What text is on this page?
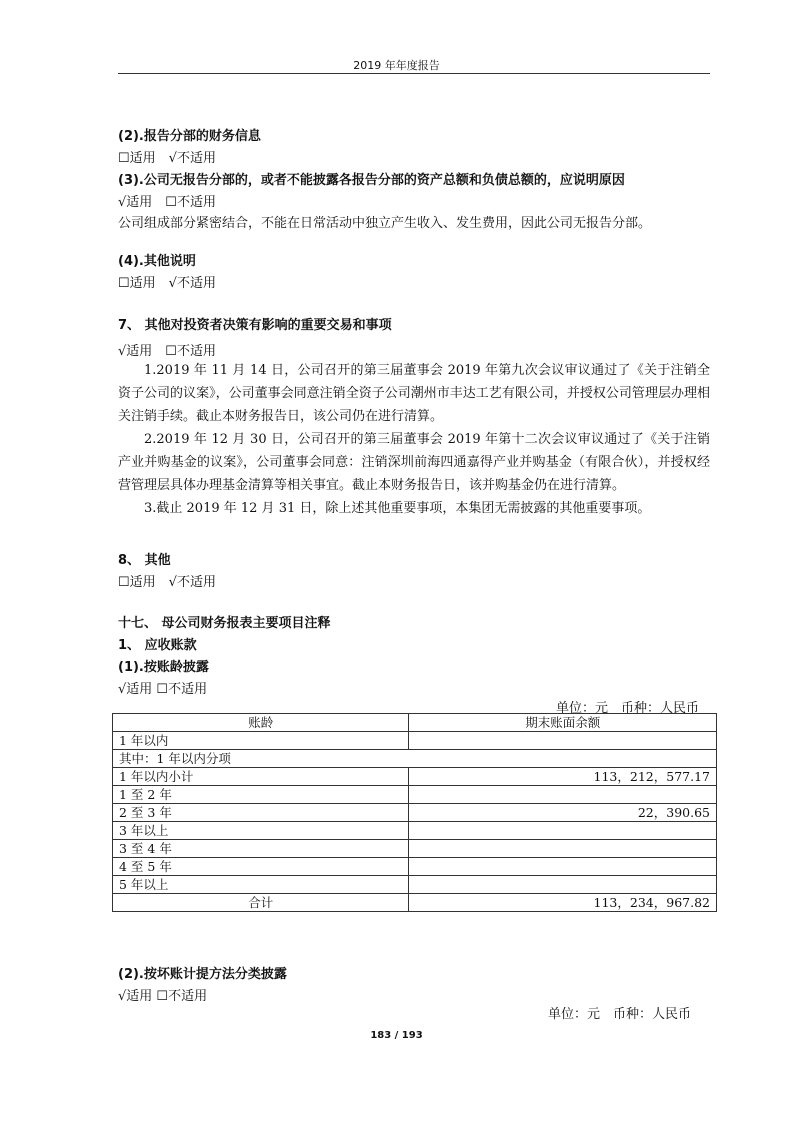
2019 年年度报告
(2).报告分部的财务信息
☐适用　√不适用
(3).公司无报告分部的，或者不能披露各报告分部的资产总额和负债总额的，应说明原因
√适用　☐不适用
公司组成部分紧密结合，不能在日常活动中独立产生收入、发生费用，因此公司无报告分部。
(4).其他说明
☐适用　√不适用
7、 其他对投资者决策有影响的重要交易和事项
√适用　☐不适用

1.2019 年 11 月 14 日，公司召开的第三届董事会 2019 年第九次会议审议通过了《关于注销全资子公司的议案》，公司董事会同意注销全资子公司潮州市丰达工艺有限公司，并授权公司管理层办理相关注销手续。截止本财务报告日，该公司仍在进行清算。

2.2019 年 12 月 30 日，公司召开的第三届董事会 2019 年第十二次会议审议通过了《关于注销产业并购基金的议案》，公司董事会同意：注销深圳前海四通嘉得产业并购基金（有限合伙），并授权经营管理层具体办理基金清算等相关事宜。截止本财务报告日，该并购基金仍在进行清算。

3.截止 2019 年 12 月 31 日，除上述其他重要事项，本集团无需披露的其他重要事项。

8、 其他
☐适用　√不适用
十七、 母公司财务报表主要项目注释
1、 应收账款
(1).按账龄披露
√适用 ☐不适用
单位：元　币种：人民币
账龄	期末账面余额
1 年以内	
其中：1 年以内分项	
1 年以内小计	113，212，577.17
1 至 2 年	
2 至 3 年	22，390.65
3 年以上	
3 至 4 年	
4 至 5 年	
5 年以上	
合计	113，234，967.82
(2).按坏账计提方法分类披露
√适用 ☐不适用
单位：元　币种：人民币
183 / 193
